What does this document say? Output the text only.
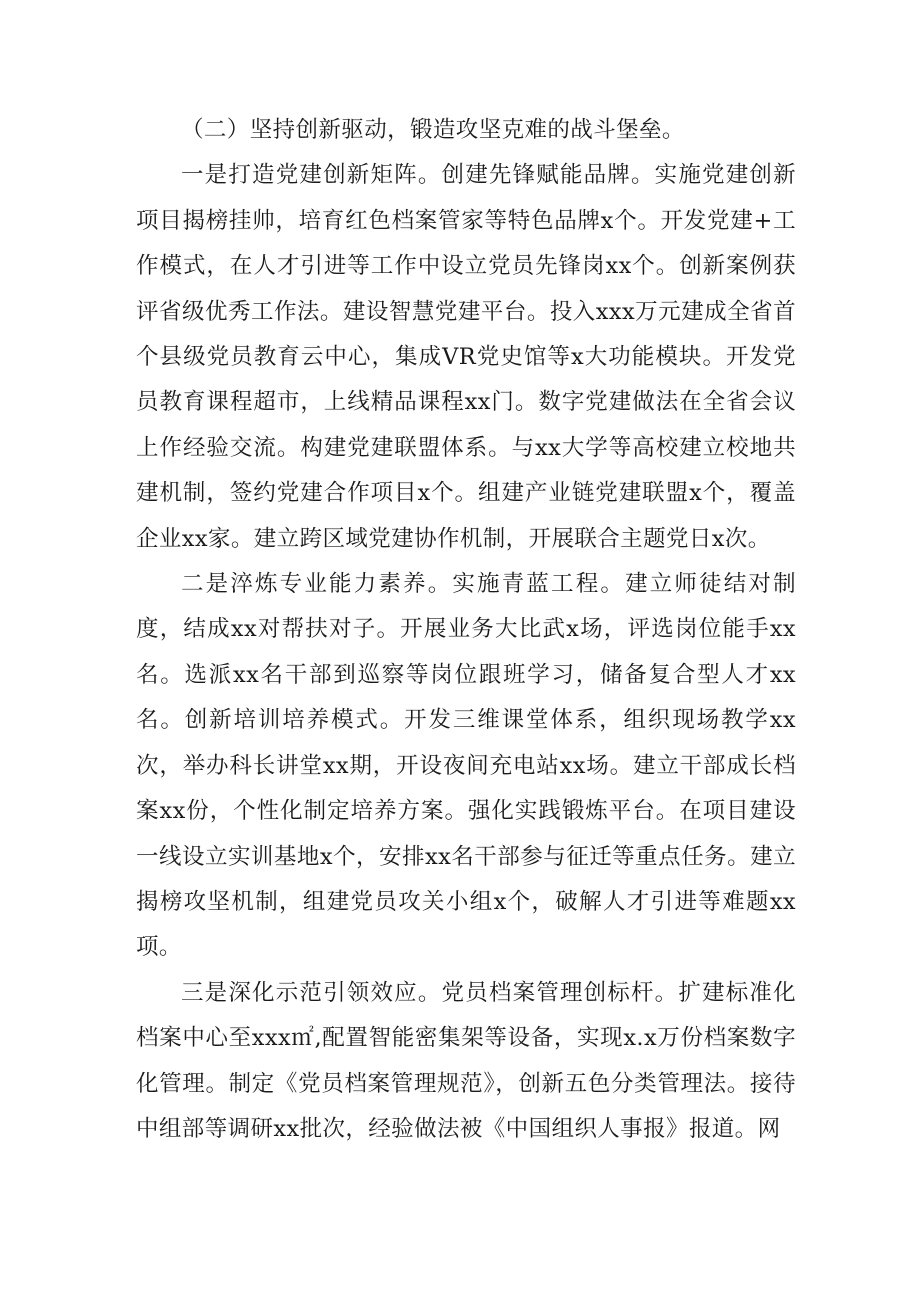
（二）坚持创新驱动，锻造攻坚克难的战斗堡垒。

一是打造党建创新矩阵。创建先锋赋能品牌。实施党建创新项目揭榜挂帅，培育红色档案管家等特色品牌x个。开发党建+工作模式，在人才引进等工作中设立党员先锋岗xx个。创新案例获评省级优秀工作法。建设智慧党建平台。投入xxx万元建成全省首个县级党员教育云中心，集成VR党史馆等x大功能模块。开发党员教育课程超市，上线精品课程xx门。数字党建做法在全省会议上作经验交流。构建党建联盟体系。与xx大学等高校建立校地共建机制，签约党建合作项目x个。组建产业链党建联盟x个，覆盖企业xx家。建立跨区域党建协作机制，开展联合主题党日x次。

二是淬炼专业能力素养。实施青蓝工程。建立师徒结对制度，结成xx对帮扶对子。开展业务大比武x场，评选岗位能手xx名。选派xx名干部到巡察等岗位跟班学习，储备复合型人才xx名。创新培训培养模式。开发三维课堂体系，组织现场教学xx次，举办科长讲堂xx期，开设夜间充电站xx场。建立干部成长档案xx份，个性化制定培养方案。强化实践锻炼平台。在项目建设一线设立实训基地x个，安排xx名干部参与征迁等重点任务。建立揭榜攻坚机制，组建党员攻关小组x个，破解人才引进等难题xx项。

三是深化示范引领效应。党员档案管理创标杆。扩建标准化档案中心至xxx㎡,配置智能密集架等设备，实现x.x万份档案数字化管理。制定《党员档案管理规范》，创新五色分类管理法。接待中组部等调研xx批次，经验做法被《中国组织人事报》报道。网
